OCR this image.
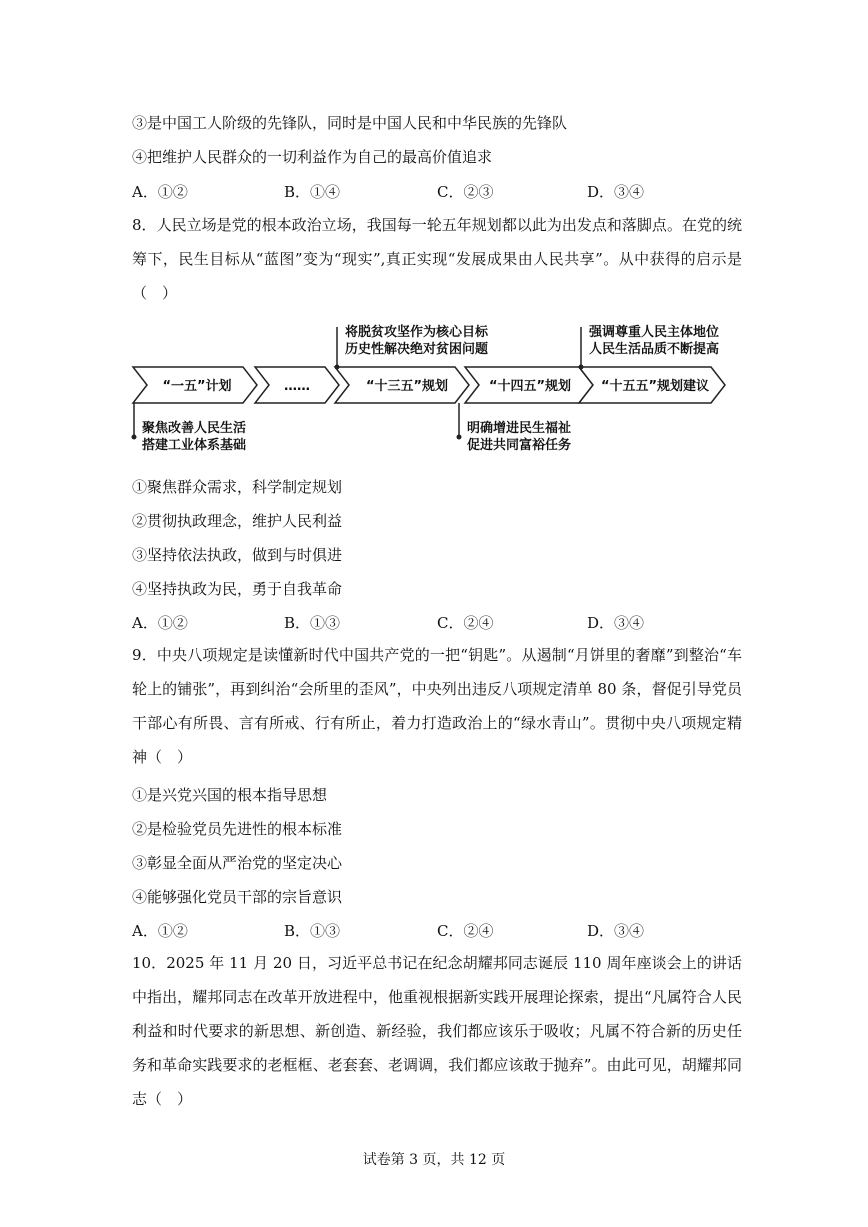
③是中国工人阶级的先锋队，同时是中国人民和中华民族的先锋队
④把维护人民群众的一切利益作为自己的最高价值追求
A．①②	B．①④	C．②③	D．③④
8．人民立场是党的根本政治立场，我国每一轮五年规划都以此为出发点和落脚点。在党的统筹下，民生目标从“蓝图”变为“现实”,真正实现“发展成果由人民共享”。从中获得的启示是（　）
“一五”计划	……	“十三五”规划	“十四五”规划 “十五五”规划建议
将脱贫攻坚作为核心目标
历史性解决绝对贫困问题
强调尊重人民主体地位
人民生活品质不断提高
聚焦改善人民生活
搭建工业体系基础
明确增进民生福祉
促进共同富裕任务
①聚焦群众需求，科学制定规划
②贯彻执政理念，维护人民利益
③坚持依法执政，做到与时俱进
④坚持执政为民，勇于自我革命
A．①②	B．①③	C．②④	D．③④
9．中央八项规定是读懂新时代中国共产党的一把“钥匙”。从遏制“月饼里的奢靡”到整治“车轮上的铺张”，再到纠治“会所里的歪风”，中央列出违反八项规定清单 80 条，督促引导党员干部心有所畏、言有所戒、行有所止，着力打造政治上的“绿水青山”。贯彻中央八项规定精神（　）
①是兴党兴国的根本指导思想
②是检验党员先进性的根本标准
③彰显全面从严治党的坚定决心
④能够强化党员干部的宗旨意识
A．①②	B．①③	C．②④	D．③④
10．2025 年 11 月 20 日，习近平总书记在纪念胡耀邦同志诞辰 110 周年座谈会上的讲话中指出，耀邦同志在改革开放进程中，他重视根据新实践开展理论探索，提出“凡属符合人民利益和时代要求的新思想、新创造、新经验，我们都应该乐于吸收；凡属不符合新的历史任务和革命实践要求的老框框、老套套、老调调，我们都应该敢于抛弃”。由此可见，胡耀邦同志（　）
试卷第 3 页，共 12 页
